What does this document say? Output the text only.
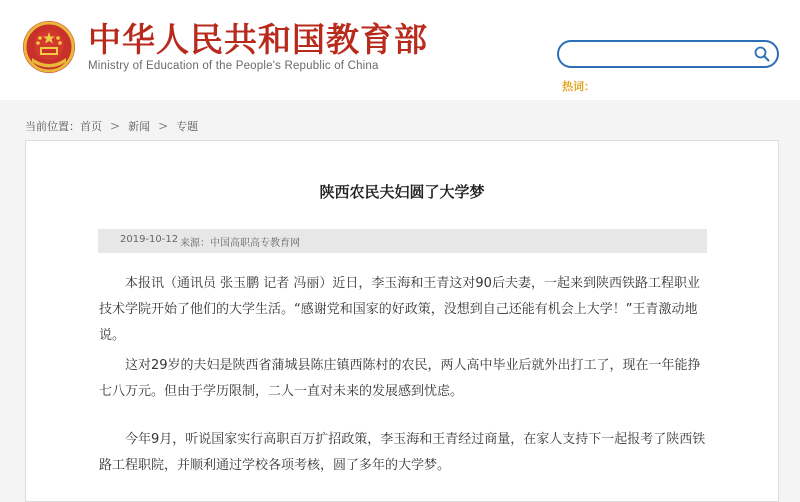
中华人民共和国教育部
Ministry of Education of the People's Republic of China
热词：
当前位置：首页 > 新闻 > 专题
陕西农民夫妇圆了大学梦
2019-10-12 来源：中国高职高专教育网

本报讯（通讯员 张玉鹏 记者 冯丽）近日，李玉海和王青这对90后夫妻，一起来到陕西铁路工程职业技术学院开始了他们的大学生活。“感谢党和国家的好政策，没想到自己还能有机会上大学！”王青激动地说。

这对29岁的夫妇是陕西省蒲城县陈庄镇西陈村的农民，两人高中毕业后就外出打工了，现在一年能挣七八万元。但由于学历限制，二人一直对未来的发展感到忧虑。

今年9月，听说国家实行高职百万扩招政策，李玉海和王青经过商量，在家人支持下一起报考了陕西铁路工程职院，并顺利通过学校各项考核，圆了多年的大学梦。
